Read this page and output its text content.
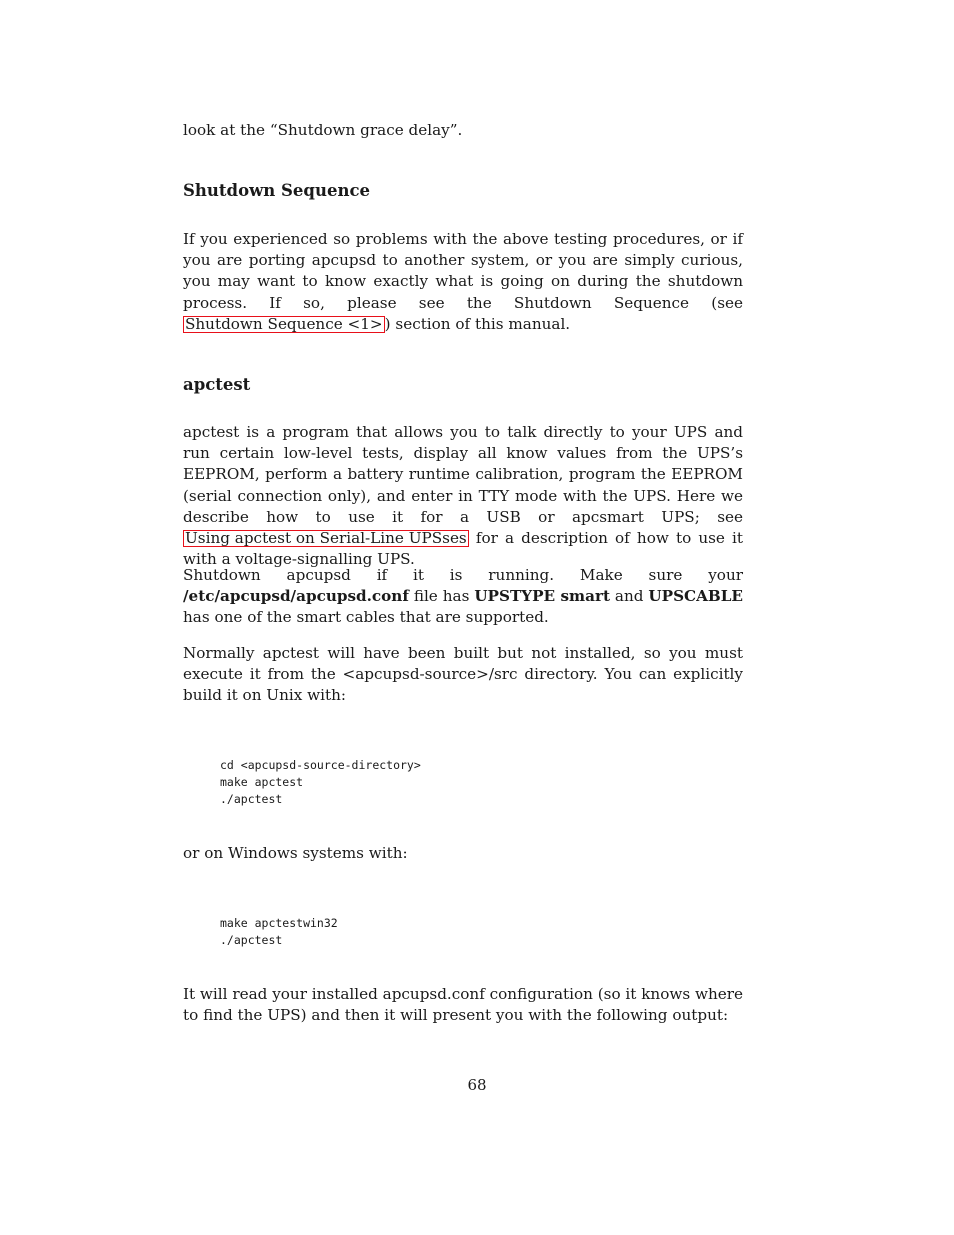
look at the “Shutdown grace delay”.

Shutdown Sequence

If you experienced so problems with the above testing procedures, or if you are porting apcupsd to another system, or you are simply curious, you may want to know exactly what is going on during the shutdown process. If so, please see the Shutdown Sequence (see Shutdown Sequence <1> ) section of this manual.

apctest

apctest is a program that allows you to talk directly to your UPS and run certain low-level tests, display all know values from the UPS’s EEPROM, perform a battery runtime calibration, program the EEPROM (serial connection only), and enter in TTY mode with the UPS. Here we describe how to use it for a USB or apcsmart UPS; see Using apctest on Serial-Line UPSses for a description of how to use it with a voltage-signalling UPS.

Shutdown apcupsd if it is running. Make sure your /etc/apcupsd/apcupsd.conf file has UPSTYPE smart and UPSCABLE has one of the smart cables that are supported.

Normally apctest will have been built but not installed, so you must execute it from the <apcupsd-source>/src directory. You can explicitly build it on Unix with:

cd <apcupsd-source-directory>
make apctest
./apctest

or on Windows systems with:

make apctestwin32
./apctest

It will read your installed apcupsd.conf configuration (so it knows where to find the UPS) and then it will present you with the following output:

68
